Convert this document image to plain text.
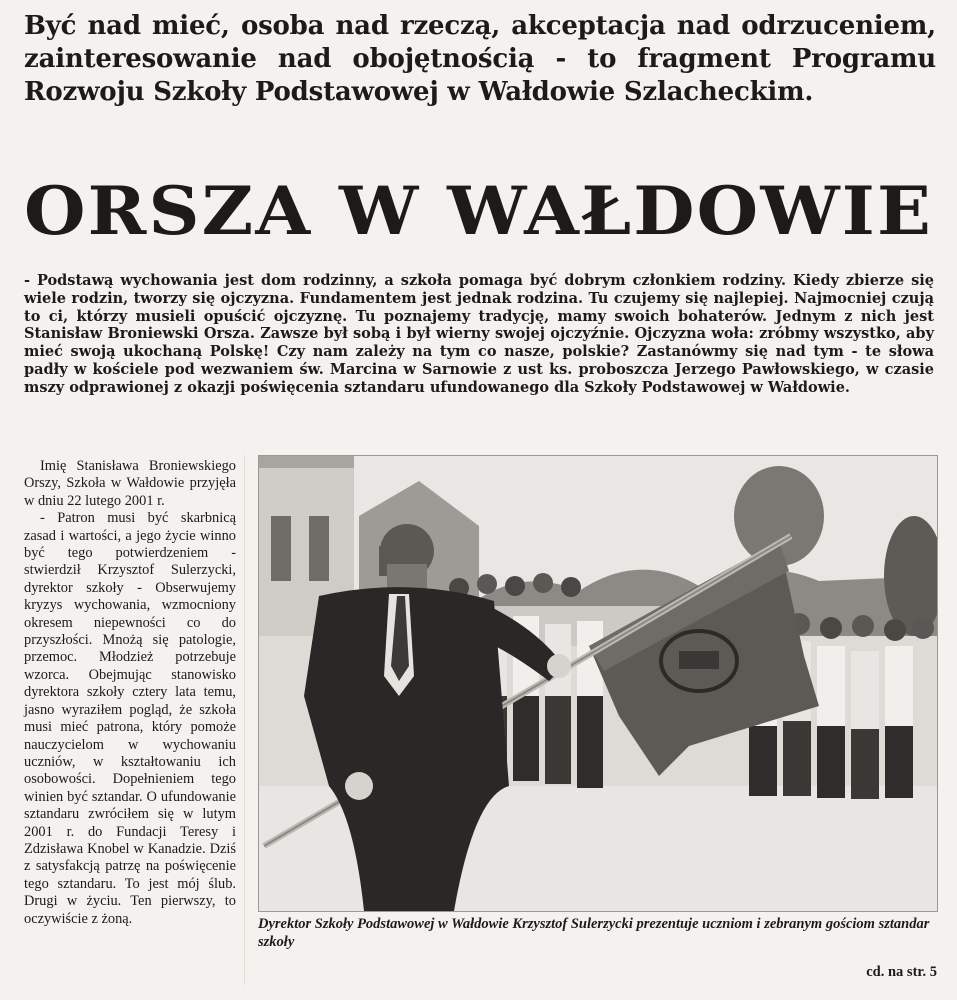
Być nad mieć, osoba nad rzeczą, akceptacja nad odrzuceniem, zainteresowanie nad obojętnością - to fragment Programu Rozwoju Szkoły Podstawowej w Wałdowie Szlacheckim.

ORSZA W WAŁDOWIE

- Podstawą wychowania jest dom rodzinny, a szkoła pomaga być dobrym członkiem rodziny. Kiedy zbierze się wiele rodzin, tworzy się ojczyzna. Fundamentem jest jednak rodzina. Tu czujemy się najlepiej. Najmocniej czują to ci, którzy musieli opuścić ojczyznę. Tu poznajemy tradycję, mamy swoich bohaterów. Jednym z nich jest Stanisław Broniewski Orsza. Zawsze był sobą i był wierny swojej ojczyźnie. Ojczyzna woła: zróbmy wszystko, aby mieć swoją ukochaną Polskę! Czy nam zależy na tym co nasze, polskie? Zastanówmy się nad tym - te słowa padły w kościele pod wezwaniem św. Marcina w Sarnowie z ust ks. proboszcza Jerzego Pawłowskiego, w czasie mszy odprawionej z okazji poświęcenia sztandaru ufundowanego dla Szkoły Podstawowej w Wałdowie.

Imię Stanisława Broniewskiego Orszy, Szkoła w Wałdowie przyjęła w dniu 22 lutego 2001 r.

- Patron musi być skarbnicą zasad i wartości, a jego życie winno być tego potwierdzeniem - stwierdził Krzysztof Sulerzycki, dyrektor szkoły - Obserwujemy kryzys wychowania, wzmocniony okresem niepewności co do przyszłości. Mnożą się patologie, przemoc. Młodzież potrzebuje wzorca. Obejmując stanowisko dyrektora szkoły cztery lata temu, jasno wyraziłem pogląd, że szkoła musi mieć patrona, który pomoże nauczycielom w wychowaniu uczniów, w kształtowaniu ich osobowości. Dopełnieniem tego winien być sztandar. O ufundowanie sztandaru zwróciłem się w lutym 2001 r. do Fundacji Teresy i Zdzisława Knobel w Kanadzie. Dziś z satysfakcją patrzę na poświęcenie tego sztandaru. To jest mój ślub. Drugi w życiu. Ten pierwszy, to oczywiście z żoną.	Dyrektor Szkoły Podstawowej w Wałdowie Krzysztof Sulerzycki prezentuje uczniom i zebranym gościom sztandar szkoły

cd. na str. 5
